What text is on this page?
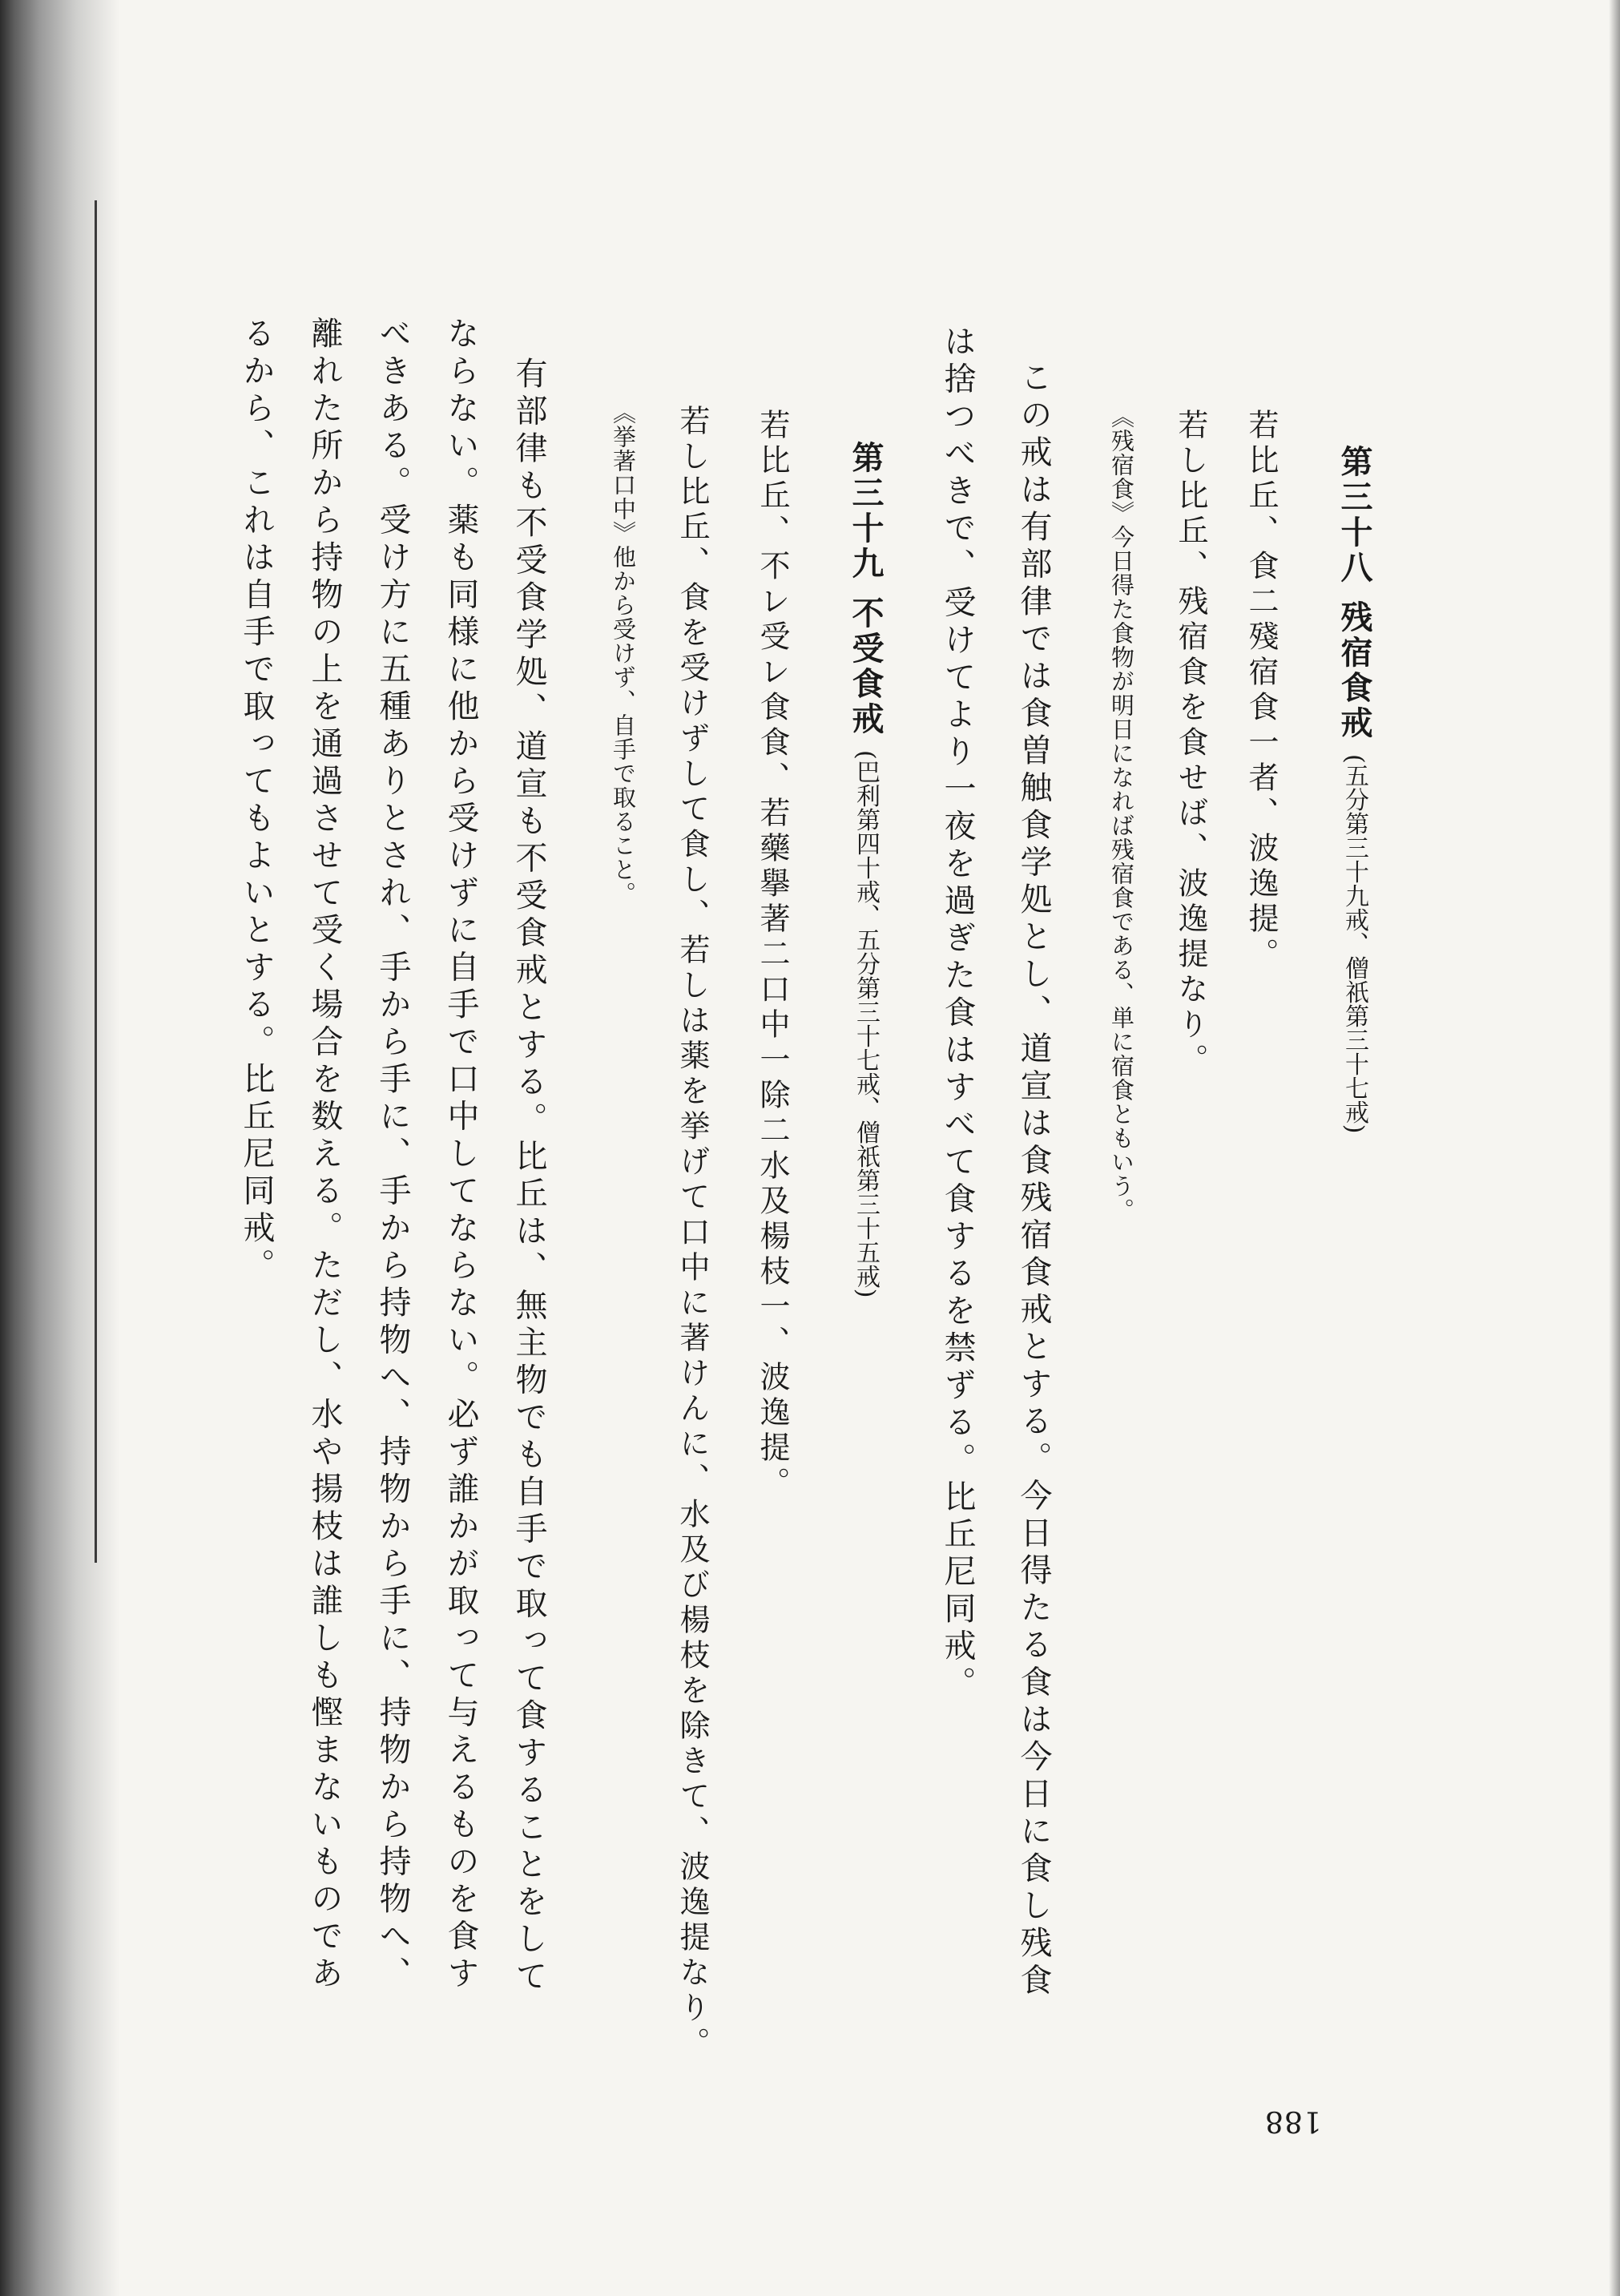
第三十八 残宿食戒(五分第三十九戒、僧祇第三十七戒)
若比丘、食二殘宿食一者、波逸提。
若し比丘、残宿食を食せば、波逸提なり。
《残宿食》今日得た食物が明日になれば残宿食である、単に宿食ともいう。
この戒は有部律では食曽触食学処とし、道宣は食残宿食戒とする。今日得たる食は今日に食し残食
は捨つべきで、受けてより一夜を過ぎた食はすべて食するを禁ずる。比丘尼同戒。
第三十九 不受食戒(巴利第四十戒、五分第三十七戒、僧祇第三十五戒)
若比丘、不レ受レ食食、若藥擧著二口中一除二水及楊枝一、波逸提。
若し比丘、食を受けずして食し、若しは薬を挙げて口中に著けんに、水及び楊枝を除きて、波逸提なり。
《挙著口中》他から受けず、自手で取ること。
有部律も不受食学処、道宣も不受食戒とする。比丘は、無主物でも自手で取って食することをして
ならない。薬も同様に他から受けずに自手で口中してならない。必ず誰かが取って与えるものを食す
べきある。受け方に五種ありとされ、手から手に、手から持物へ、持物から手に、持物から持物へ、
離れた所から持物の上を通過させて受く場合を数える。ただし、水や揚枝は誰しも慳まないものであ
るから、これは自手で取ってもよいとする。比丘尼同戒。
188
